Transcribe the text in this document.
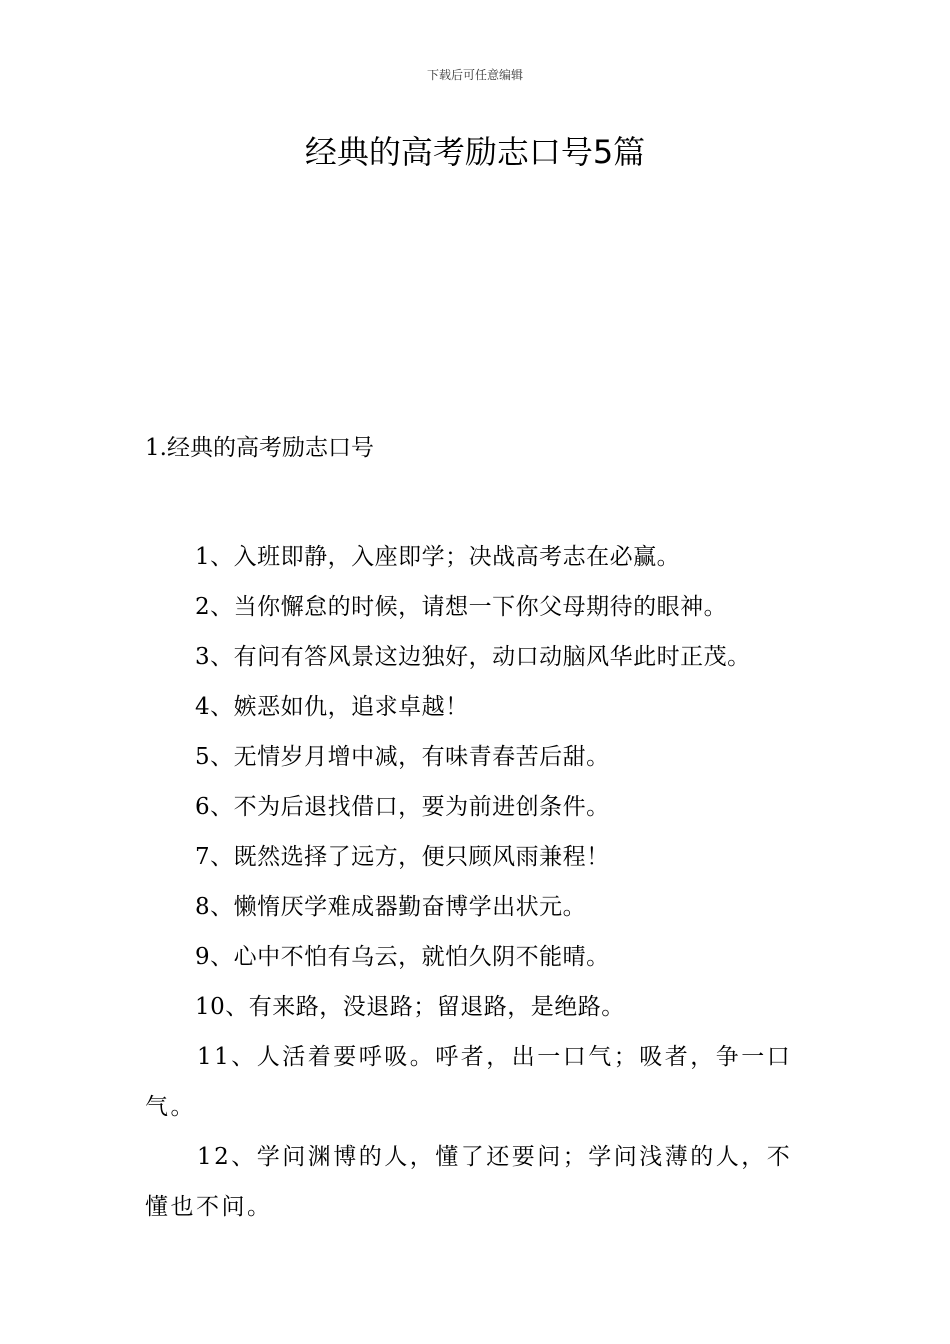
下载后可任意编辑
经典的高考励志口号5篇
1.经典的高考励志口号
1、入班即静，入座即学；决战高考志在必赢。
2、当你懈怠的时候，请想一下你父母期待的眼神。
3、有问有答风景这边独好，动口动脑风华此时正茂。
4、嫉恶如仇，追求卓越！
5、无情岁月增中减，有味青春苦后甜。
6、不为后退找借口，要为前进创条件。
7、既然选择了远方，便只顾风雨兼程！
8、懒惰厌学难成器勤奋博学出状元。
9、心中不怕有乌云，就怕久阴不能晴。
10、有来路，没退路；留退路，是绝路。
11、人活着要呼吸。呼者，出一口气；吸者，争一口气。
12、学问渊博的人，懂了还要问；学问浅薄的人，不懂也不问。
